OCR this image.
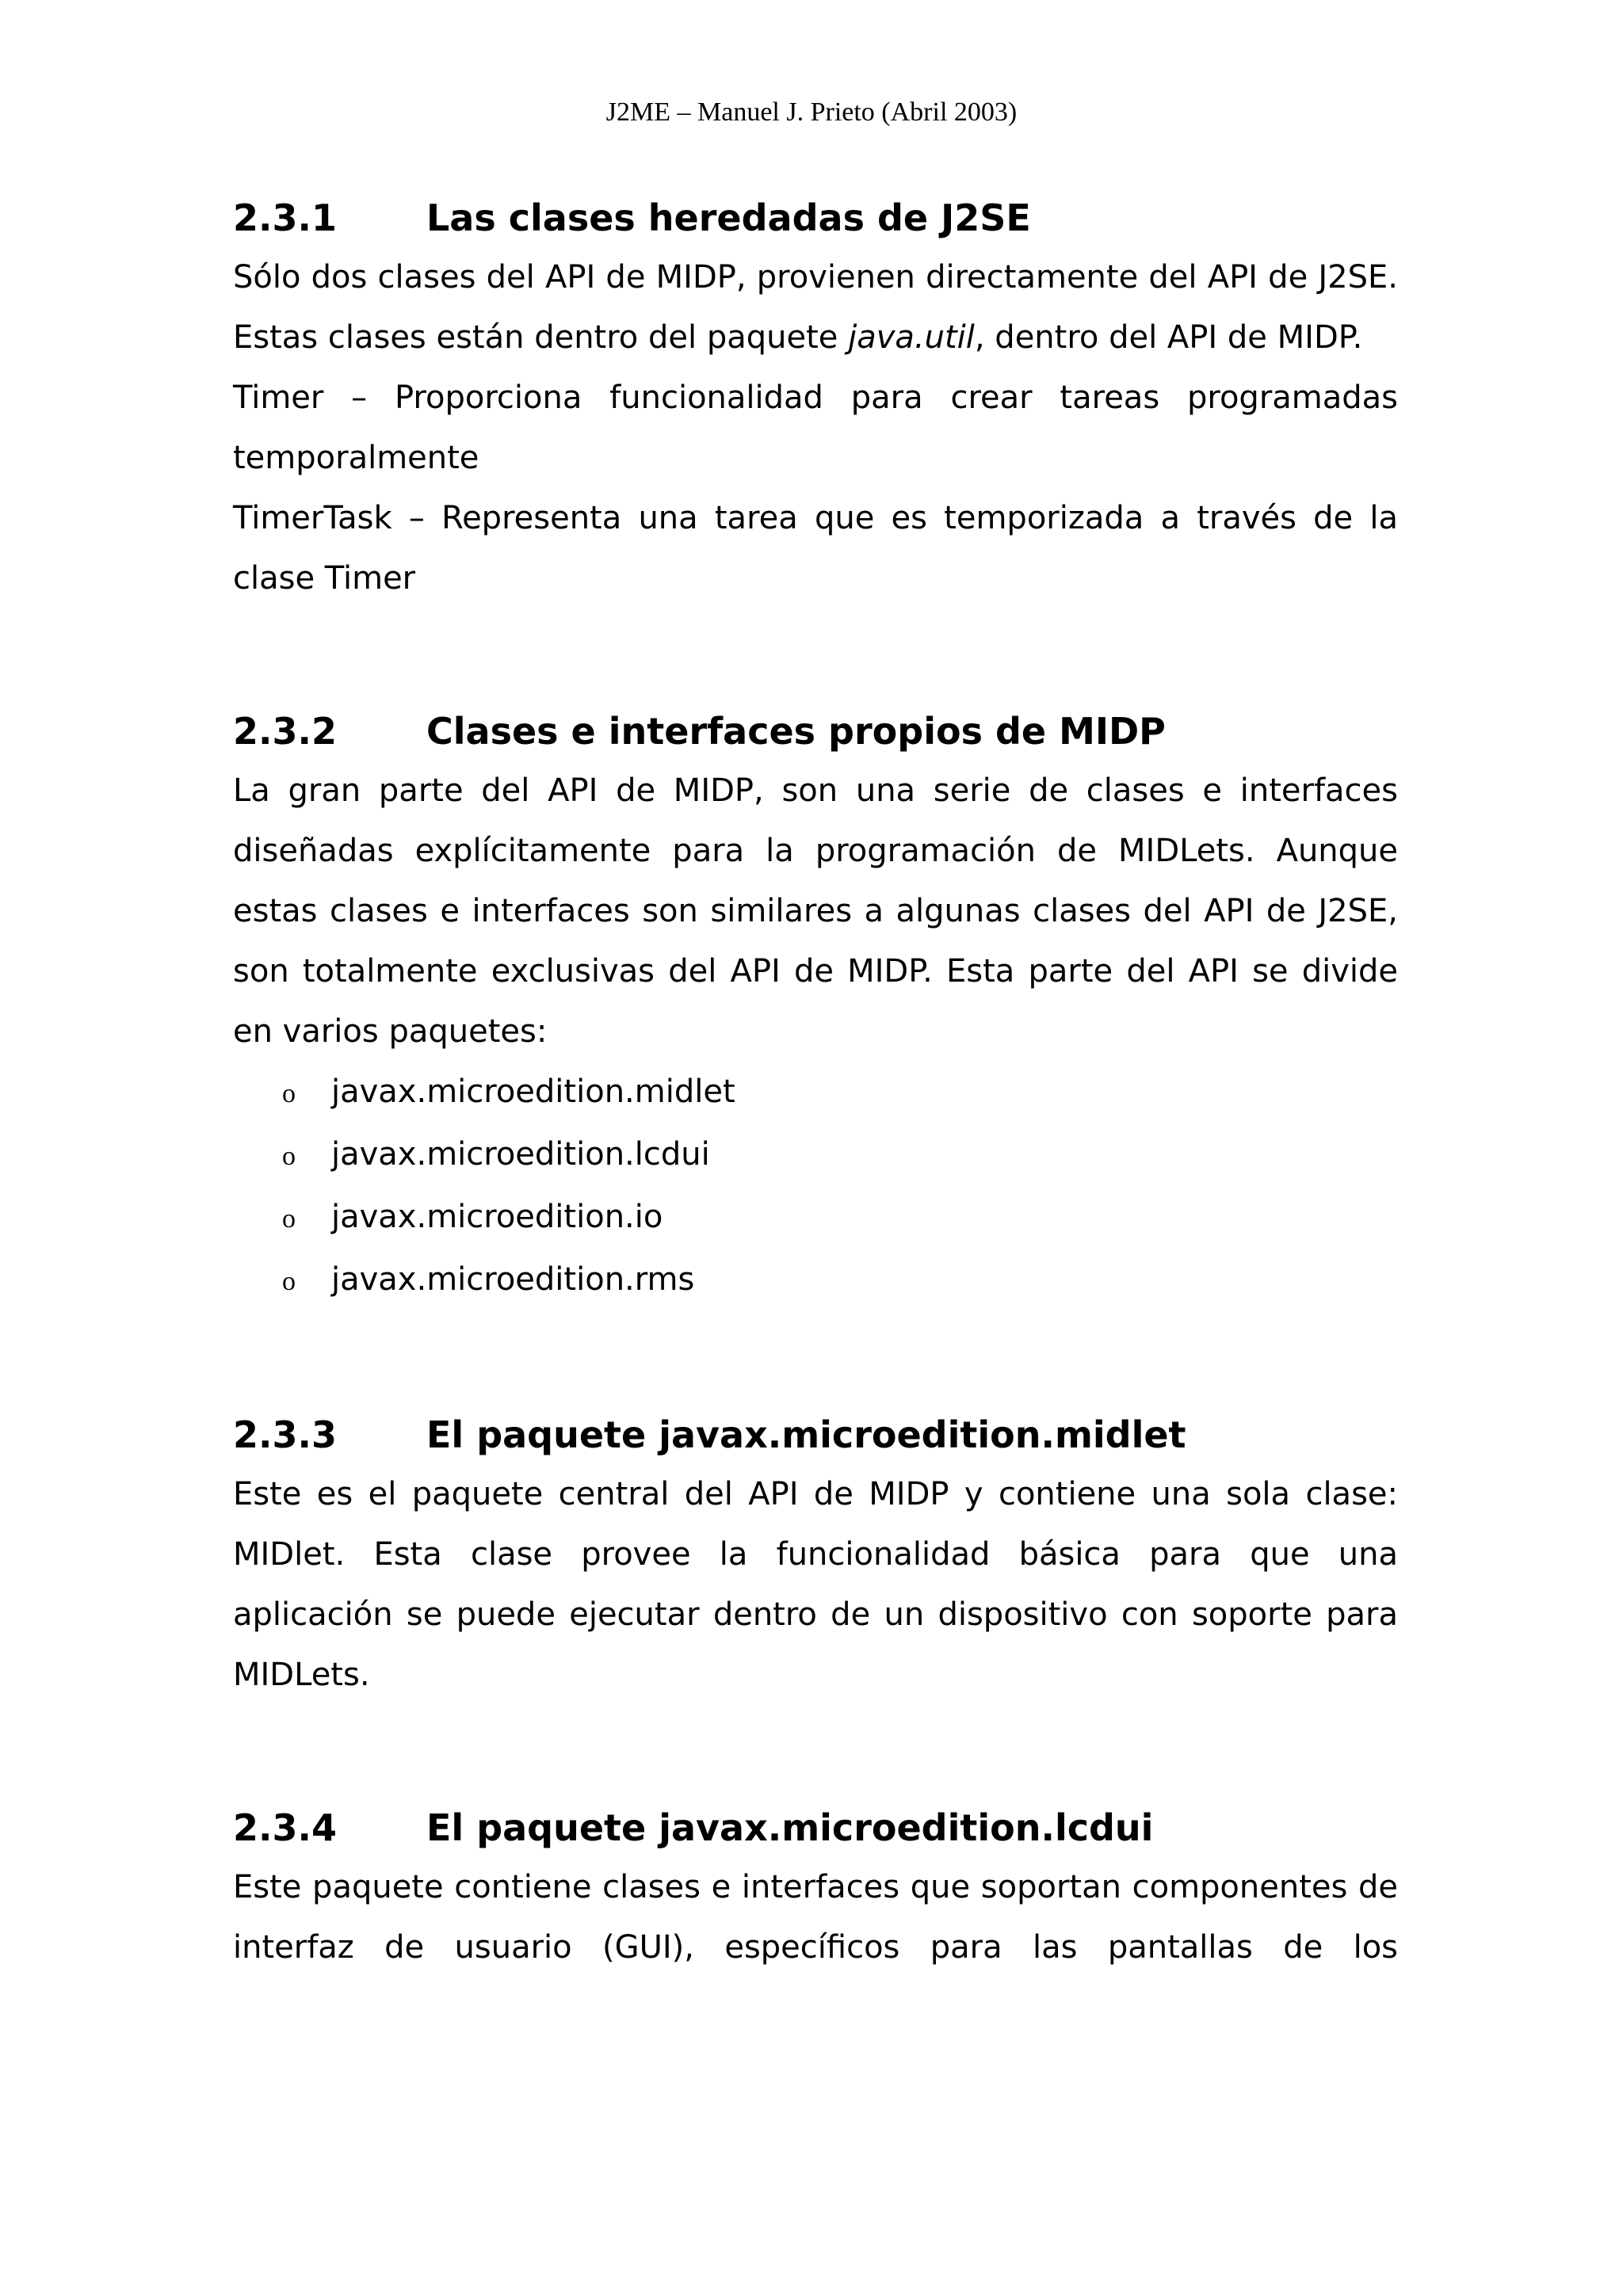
J2ME – Manuel J. Prieto (Abril 2003)
2.3.1	Las clases heredadas de J2SE

Sólo dos clases del API de MIDP, provienen directamente del API de J2SE. Estas clases están dentro del paquete java.util, dentro del API de MIDP.

Timer – Proporciona funcionalidad para crear tareas programadas temporalmente

TimerTask – Representa una tarea que es temporizada a través de la clase Timer

2.3.2	Clases e interfaces propios de MIDP

La gran parte del API de MIDP, son una serie de clases e interfaces diseñadas explícitamente para la programación de MIDLets. Aunque estas clases e interfaces son similares a algunas clases del API de J2SE, son totalmente exclusivas del API de MIDP. Esta parte del API se divide en varios paquetes:

o	javax.microedition.midlet
o	javax.microedition.lcdui
o	javax.microedition.io
o	javax.microedition.rms
2.3.3	El paquete javax.microedition.midlet

Este es el paquete central del API de MIDP y contiene una sola clase: MIDlet. Esta clase provee la funcionalidad básica para que una aplicación se puede ejecutar dentro de un dispositivo con soporte para MIDLets.

2.3.4	El paquete javax.microedition.lcdui

Este paquete contiene clases e interfaces que soportan componentes de interfaz de usuario (GUI), específicos para las pantallas de los
